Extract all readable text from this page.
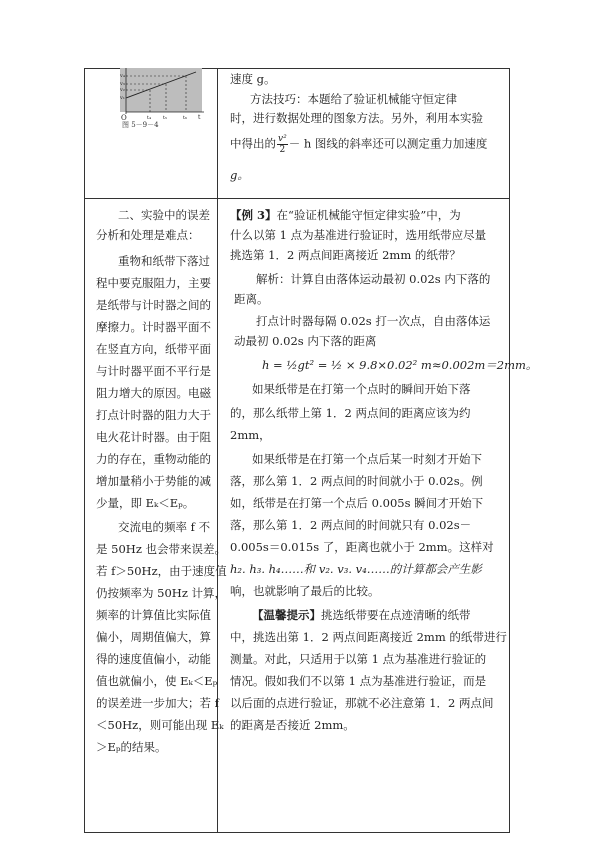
v₄
v₃
v₂
v₁
O	t₄ t₅	t₆ t
图 5－9－4
速度 g。
方法技巧：本题给了验证机械能守恒定律
时，进行数据处理的图象方法。另外，利用本实验
中得出的 $\frac{\text{v²}}{2} - h$ 图线的斜率还可以测定重力加速度
g。
二、实验中的误差
分析和处理是难点：
重物和纸带下落过
程中要克服阻力，主要
是纸带与计时器之间的
摩擦力。计时器平面不
在竖直方向，纸带平面
与计时器平面不平行是
阻力增大的原因。电磁
打点计时器的阻力大于
电火花计时器。由于阻
力的存在，重物动能的
增加量稍小于势能的减
少量，即 Eₖ＜Eₚ。
交流电的频率 f 不
是 50Hz 也会带来误差。
若 f＞50Hz，由于速度值
仍按频率为 50Hz 计算，
频率的计算值比实际值
偏小，周期值偏大，算
得的速度值偏小，动能
值也就偏小，使 Eₖ＜Eₚ
的误差进一步加大；若 f
＜50Hz，则可能出现 Eₖ
＞Eₚ的结果。
【例 3】在“验证机械能守恒定律实验”中，为
什么以第 1 点为基准进行验证时，选用纸带应尽量
挑选第 1．2 两点间距离接近 2mm 的纸带？
解析：计算自由落体运动最初 0.02s 内下落的
距离。
打点计时器每隔 0.02s 打一次点，自由落体运
动最初 0.02s 内下落的距离
h = ½gt² = ½ × 9.8×0.02² m≈0.002m＝2mm。
如果纸带是在打第一个点时的瞬间开始下落
的，那么纸带上第 1．2 两点间的距离应该为约
2mm，
如果纸带是在打第一个点后某一时刻才开始下
落，那么第 1．2 两点间的时间就小于 0.02s。例
如，纸带是在打第一个点后 0.005s 瞬间才开始下
落，那么第 1．2 两点间的时间就只有 0.02s－
0.005s＝0.015s 了，距离也就小于 2mm。这样对
h₂. h₃. h₄……和 v₂. v₃. v₄……的计算都会产生影
响，也就影响了最后的比较。
【温馨提示】挑选纸带要在点迹清晰的纸带
中，挑选出第 1．2 两点间距离接近 2mm 的纸带进行
测量。对此，只适用于以第 1 点为基准进行验证的
情况。假如我们不以第 1 点为基准进行验证，而是
以后面的点进行验证，那就不必注意第 1．2 两点间
的距离是否接近 2mm。
